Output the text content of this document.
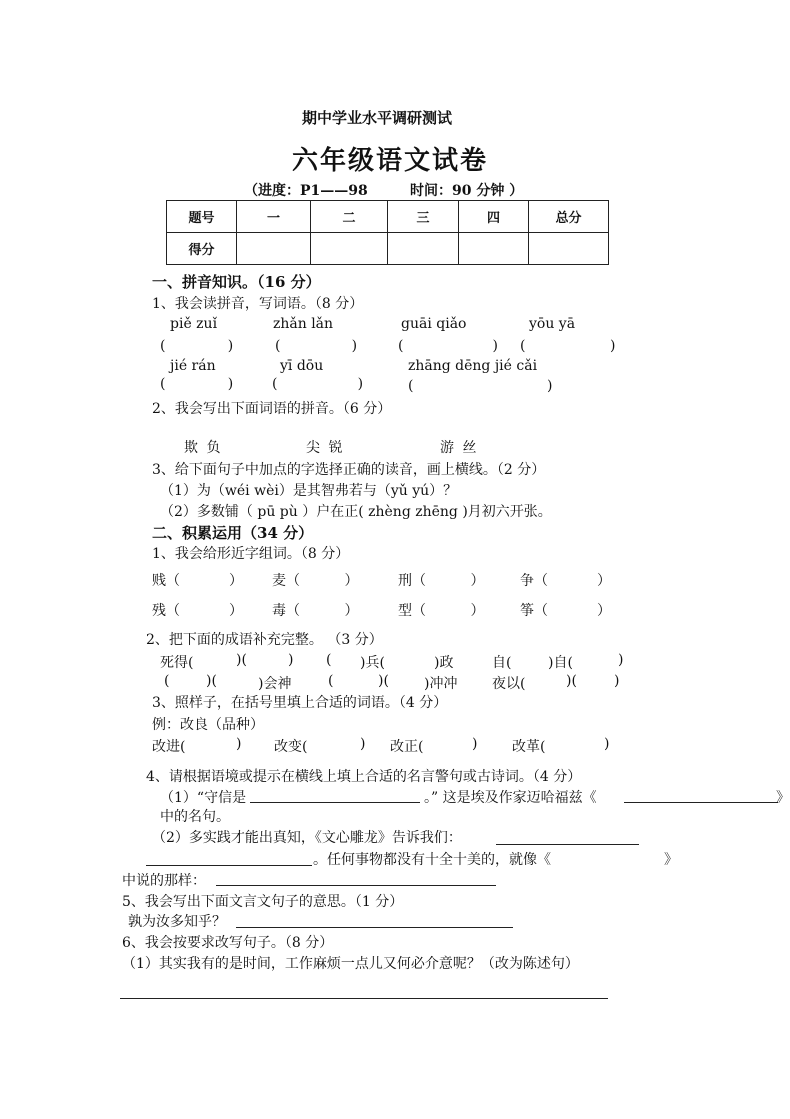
期中学业水平调研测试
六年级语文试卷
（进度：P1——98	时间：90 分钟 ）
题号	一	二	三	四	总分
得分					
一、拼音知识。（16 分）
1、我会读拼音，写词语。（8 分）
piě zuǐ	zhǎn lǎn	guāi qiǎo	yōu yā
(              )	(                )	(                    ) (                   )
jié rán	yī dōu	zhāng dēng jié cǎi
(              )	(                  )	(                              )
2、我会写出下面词语的拼音。（6 分）
欺 负	尖 锐	游 丝
3、给下面句子中加点的字选择正确的读音，画上横线。（2 分）
（1）为（wéi wèi）是其智弗若与（yǔ yú）？
（2）多数铺（ pū pù ）户在正( zhèng zhēng )月初六开张。
二、积累运用（34 分）
1、我会给形近字组词。（8 分）
贱（           ） 麦（          ）	刑（          ）	争（           ）
残（           ） 毒（          ）	型（          ）	筝（           ）
2、把下面的成语补充完整。 （3 分）
死得(	)(	) ( )兵(	)政	自(	)自(	)
(	)(	)会神	(	)(	)冲冲 夜以(	)(	)
3、照样子，在括号里填上合适的词语。（4 分）
例：改良（品种）
改进(	) 改变(	) 改正(	) 改革(	)
4、请根据语境或提示在横线上填上合适的名言警句或古诗词。（4 分）
（1）“守信是	。” 这是埃及作家迈哈福兹《	》
中的名句。
（2）多实践才能出真知，《文心雕龙》告诉我们：
。任何事物都没有十全十美的，就像《	》
中说的那样：
5、我会写出下面文言文句子的意思。（1 分）
孰为汝多知乎？
6、我会按要求改写句子。（8 分）
（1）其实我有的是时间，工作麻烦一点儿又何必介意呢？（改为陈述句）
